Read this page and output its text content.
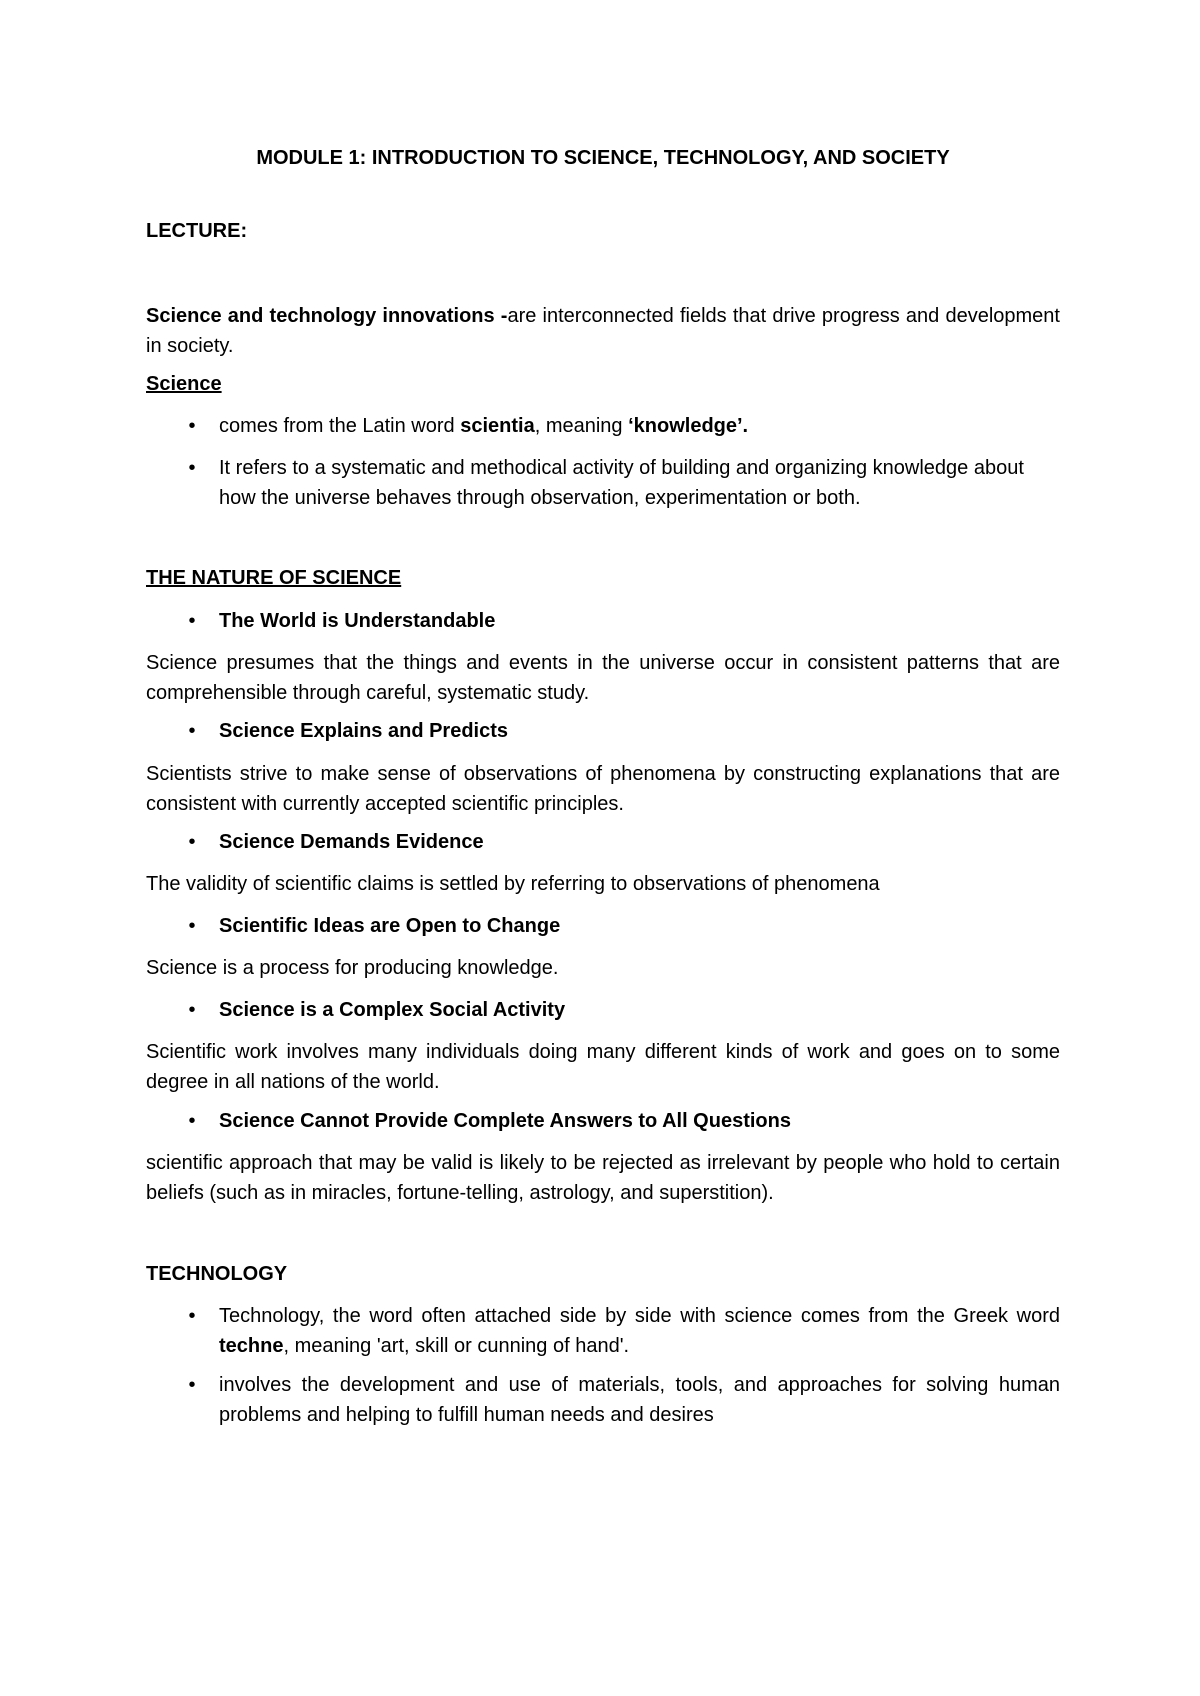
MODULE 1: INTRODUCTION TO SCIENCE, TECHNOLOGY, AND SOCIETY
LECTURE:
Science and technology innovations -are interconnected fields that drive progress and development in society.
Science
•	comes from the Latin word scientia, meaning ‘knowledge’.
•	It refers to a systematic and methodical activity of building and organizing knowledge about how the universe behaves through observation, experimentation or both.
THE NATURE OF SCIENCE
•	The World is Understandable
Science presumes that the things and events in the universe occur in consistent patterns that are comprehensible through careful, systematic study.
•	Science Explains and Predicts
Scientists strive to make sense of observations of phenomena by constructing explanations that are consistent with currently accepted scientific principles.
•	Science Demands Evidence
The validity of scientific claims is settled by referring to observations of phenomena
•	Scientific Ideas are Open to Change
Science is a process for producing knowledge.
•	Science is a Complex Social Activity
Scientific work involves many individuals doing many different kinds of work and goes on to some degree in all nations of the world.
•	Science Cannot Provide Complete Answers to All Questions
scientific approach that may be valid is likely to be rejected as irrelevant by people who hold to certain beliefs (such as in miracles, fortune-telling, astrology, and superstition).
TECHNOLOGY
•	Technology, the word often attached side by side with science comes from the Greek word techne, meaning 'art, skill or cunning of hand'.
•	involves the development and use of materials, tools, and approaches for solving human problems and helping to fulfill human needs and desires
